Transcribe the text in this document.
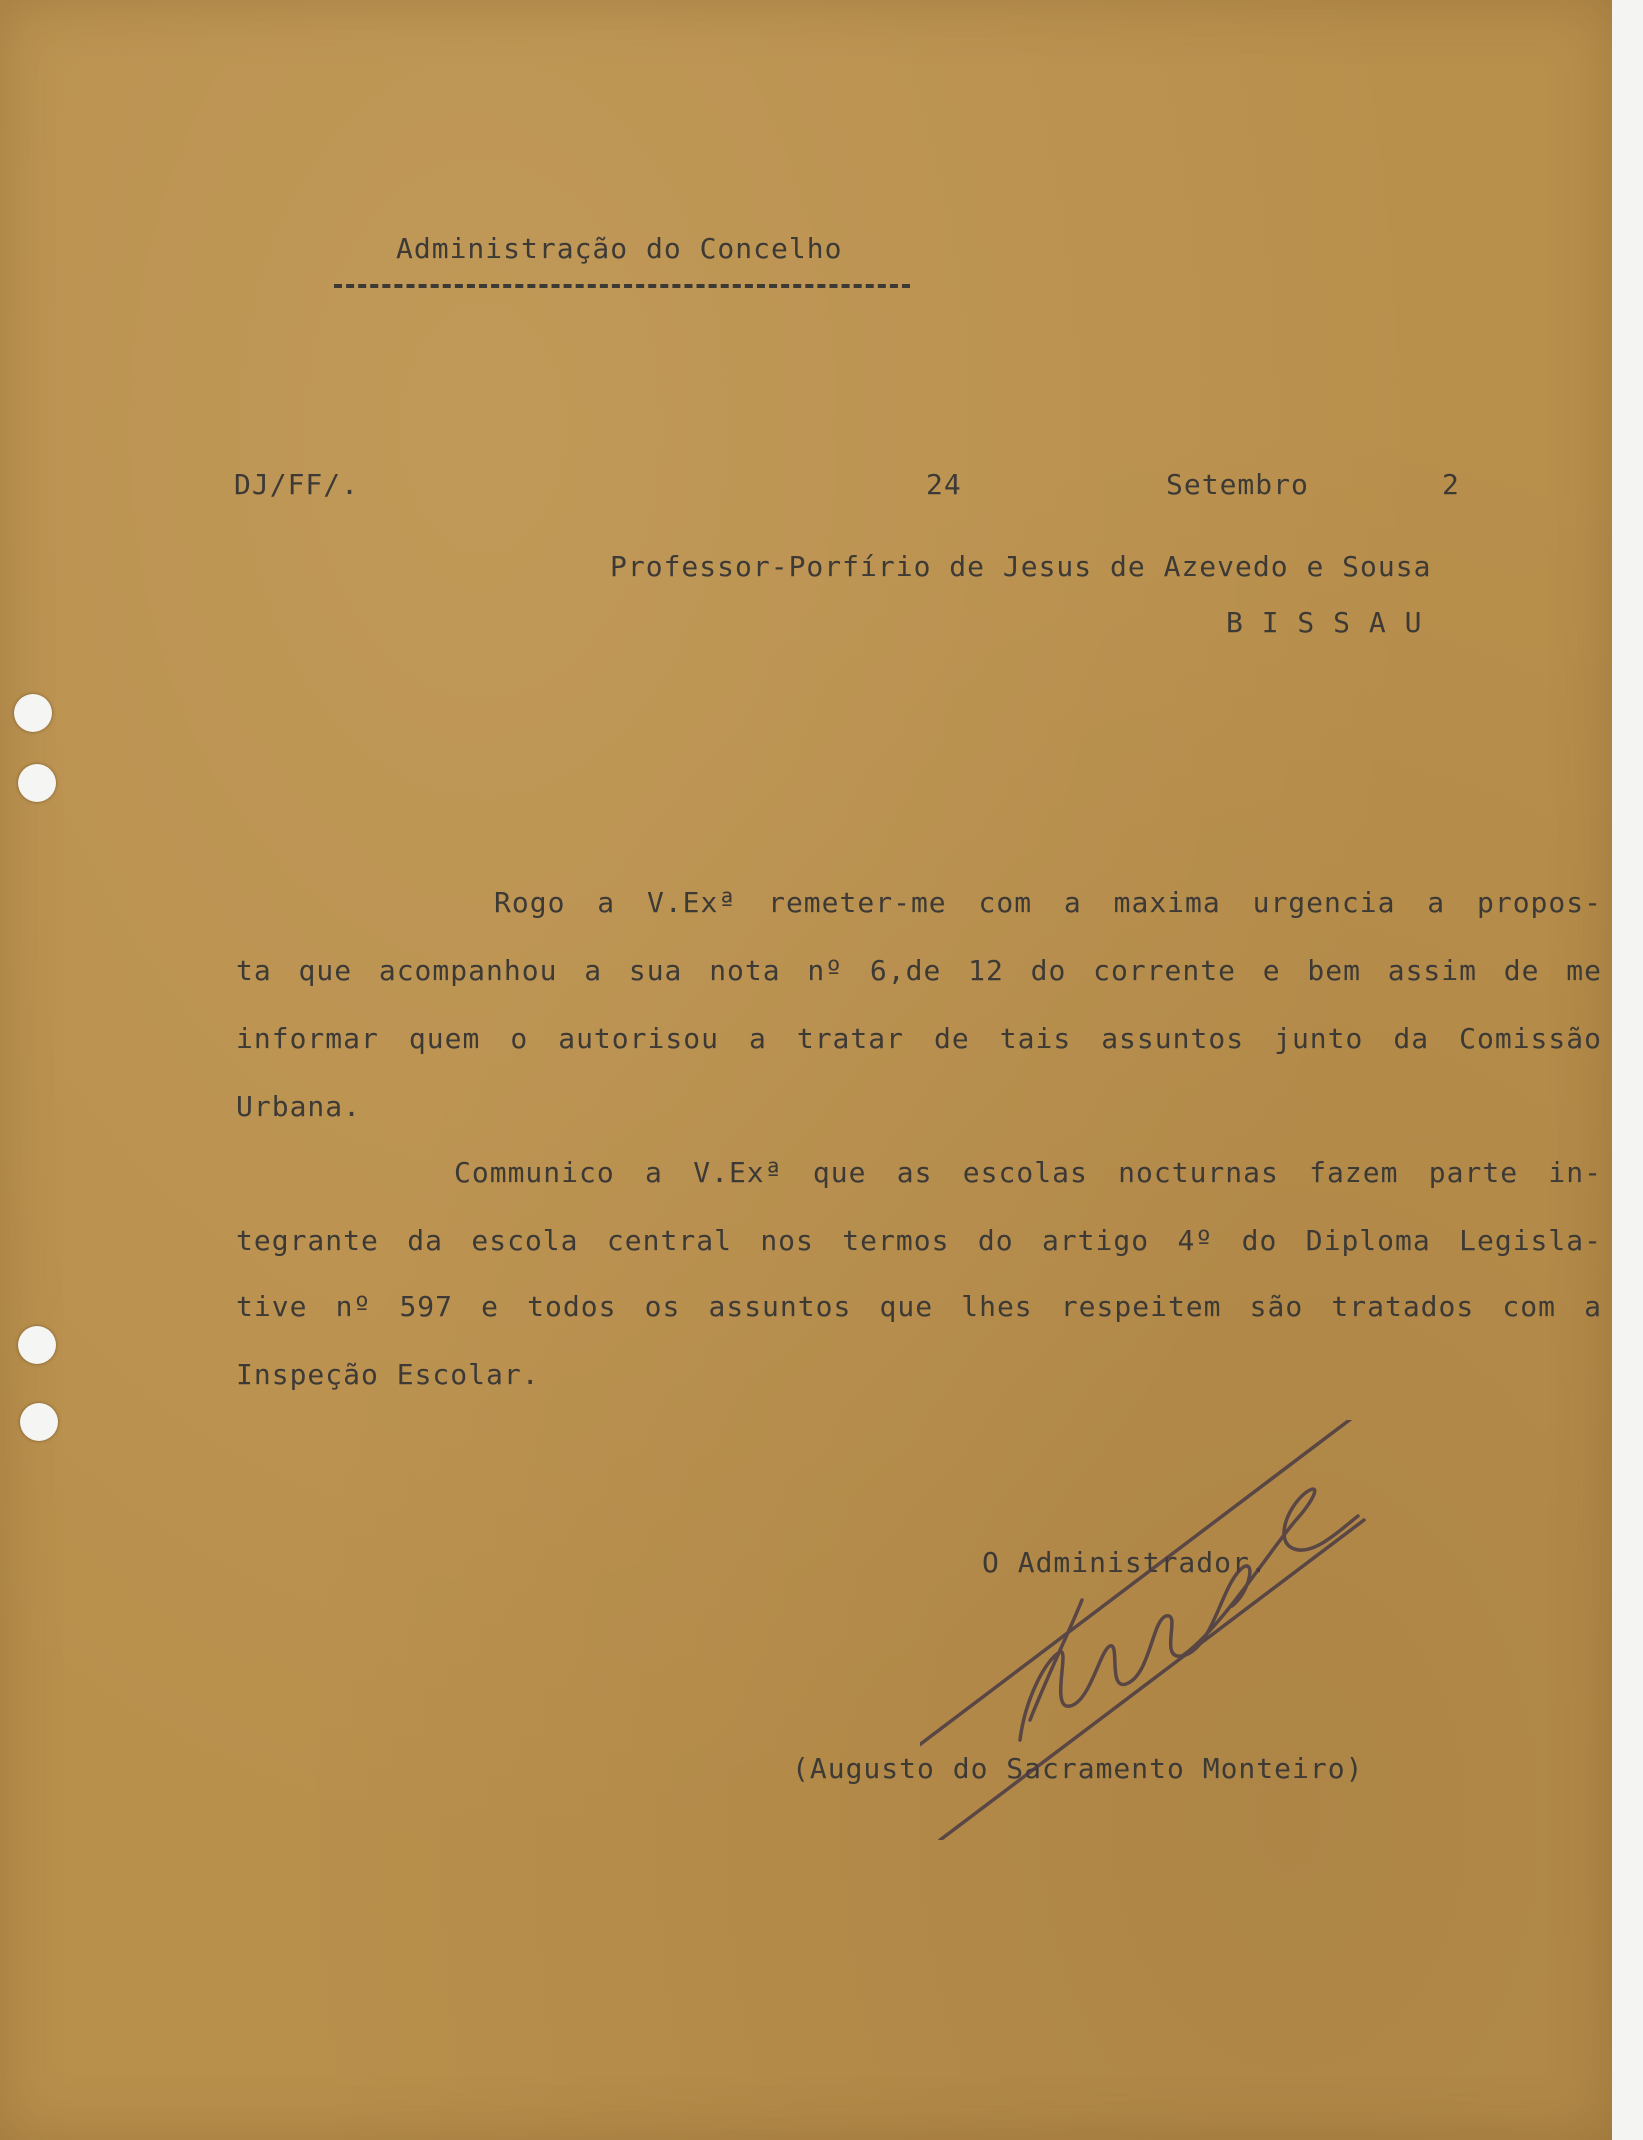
Administração do Concelho
DJ/FF/.	24	Setembro	2
Professor-Porfírio de Jesus de Azevedo e Sousa
B I S S A U
Rogo a V.Exª remeter-me com a maxima urgencia a propos-
ta que acompanhou a sua nota nº 6,de 12 do corrente e bem assim de me
informar quem o autorisou a tratar de tais assuntos junto da Comissão
Urbana.
Communico a V.Exª que as escolas nocturnas fazem parte in-
tegrante da escola central nos termos do artigo 4º do Diploma Legisla-
tive nº 597 e todos os assuntos que lhes respeitem são tratados com a
Inspeção Escolar.
O Administrador.
(Augusto do Sacramento Monteiro)
